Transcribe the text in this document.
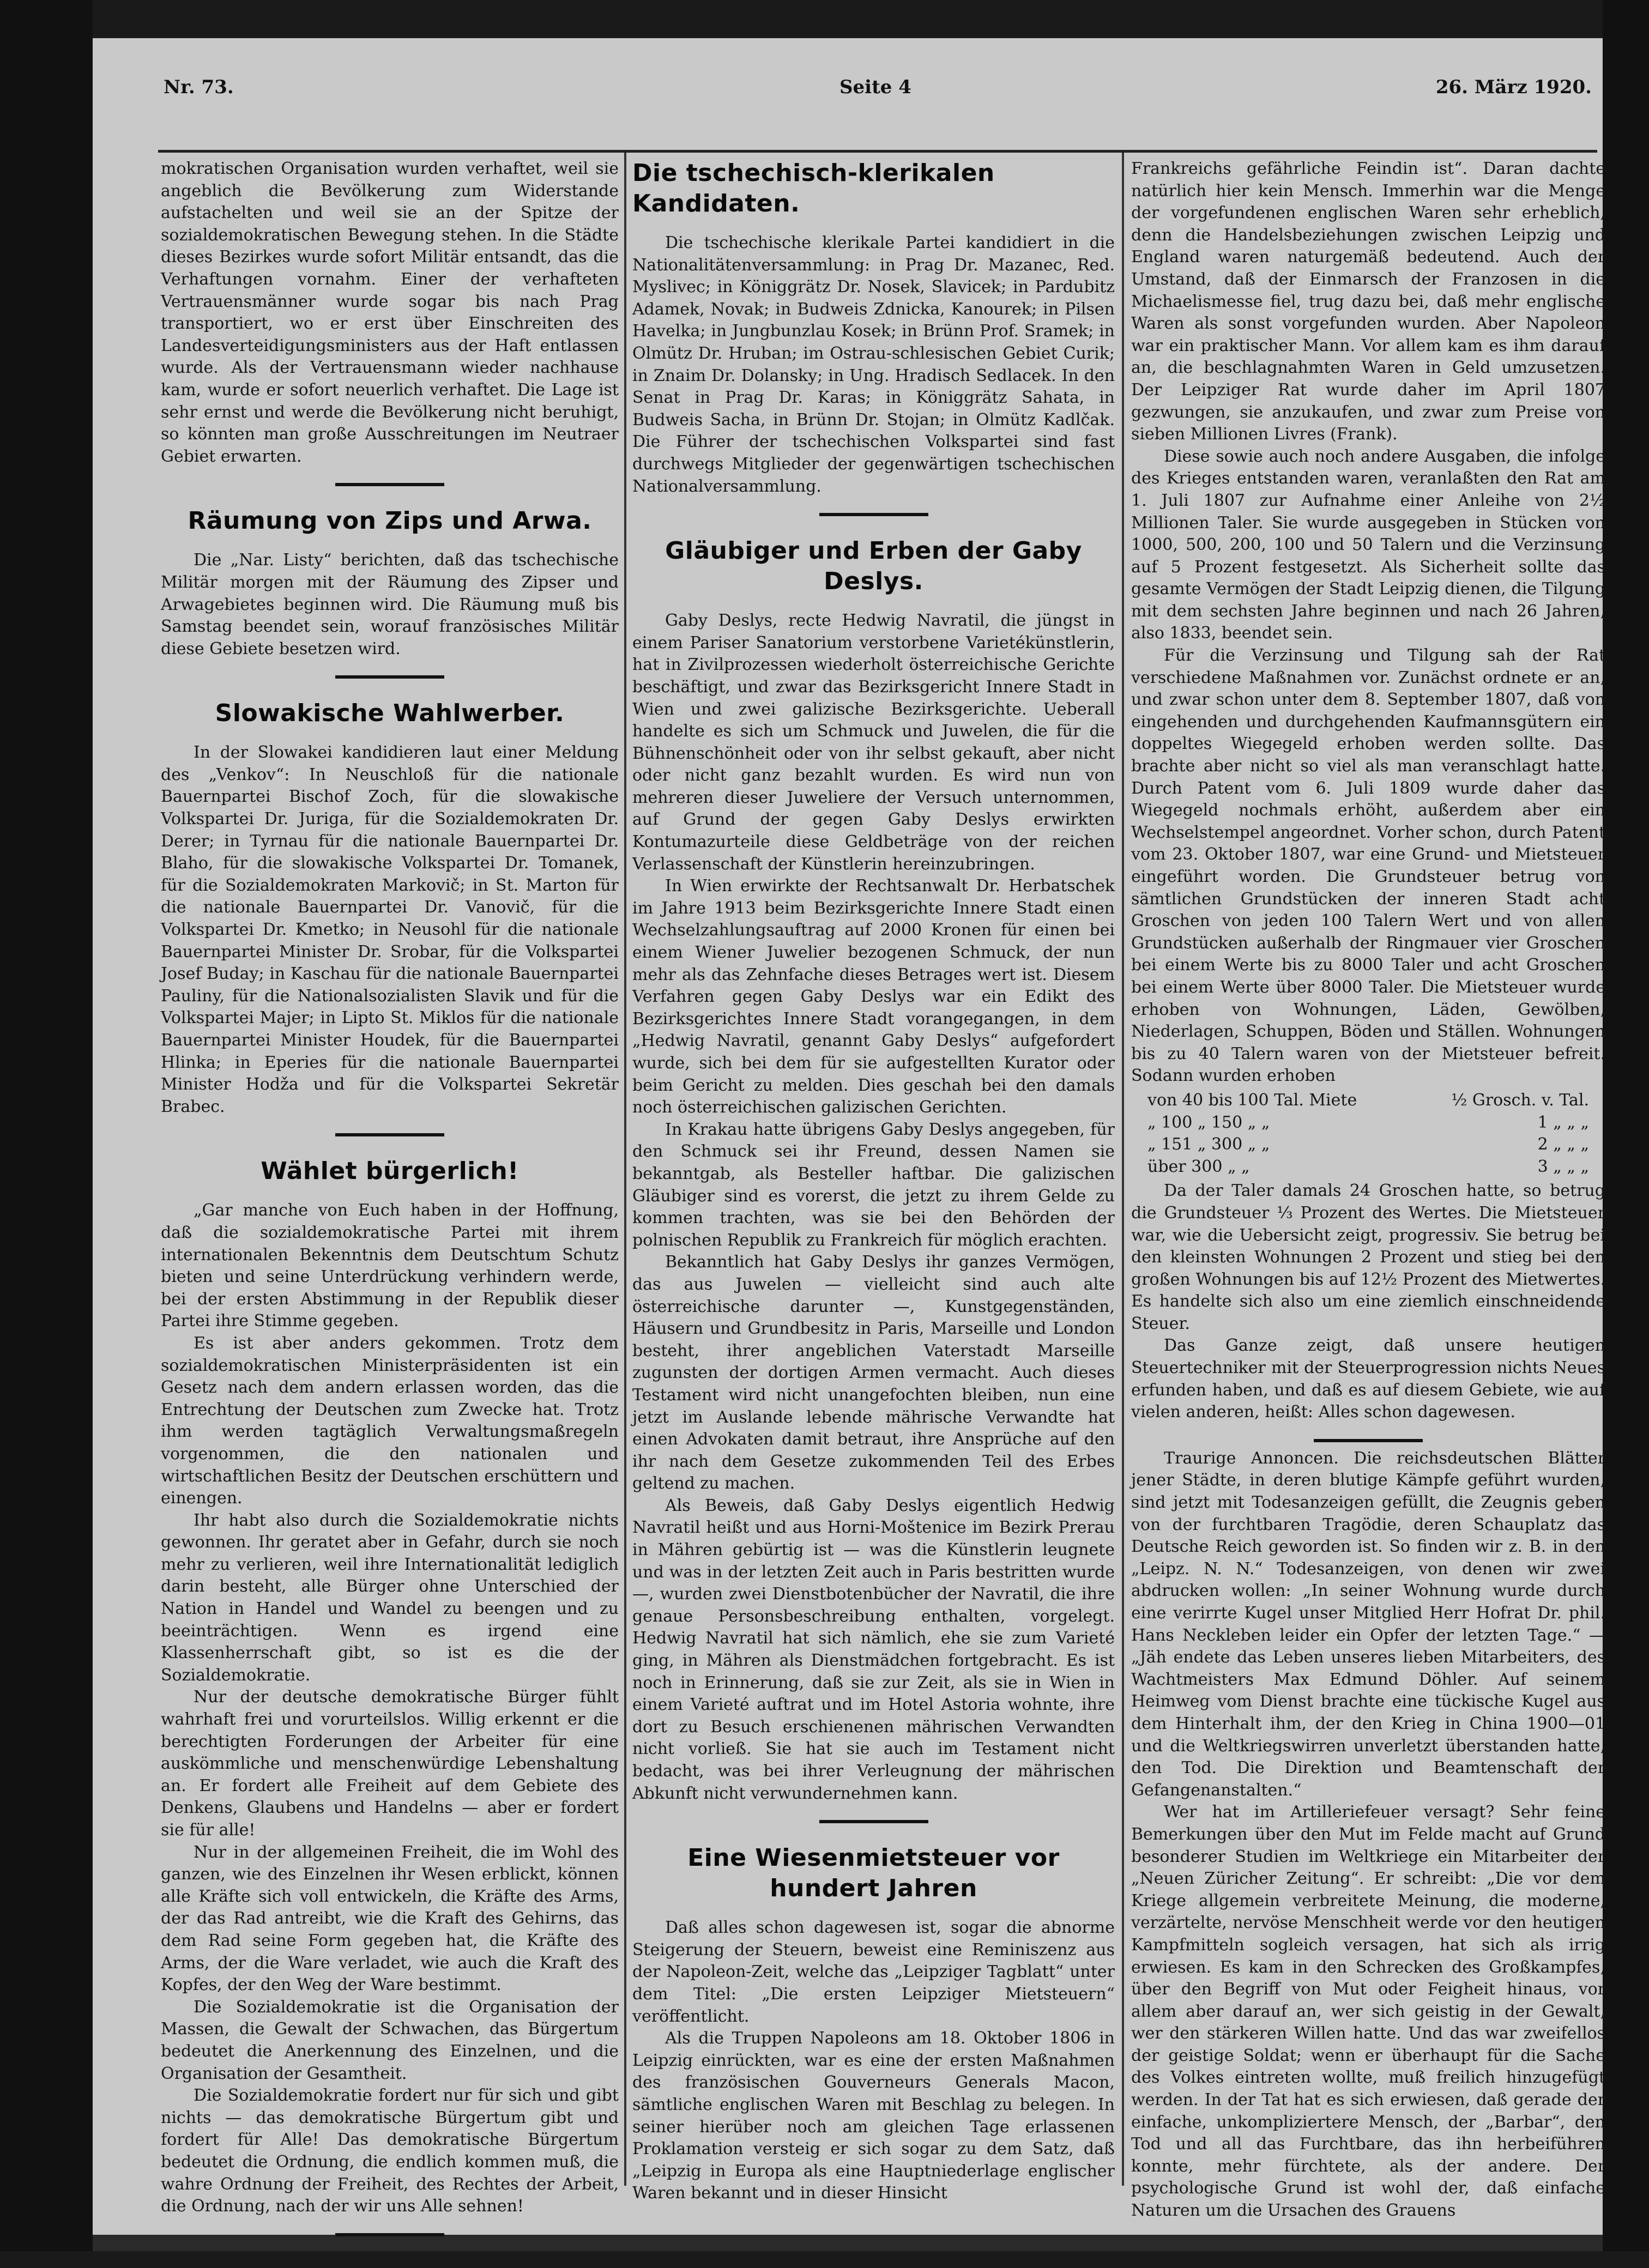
Nr. 73.	Seite 4	26. März 1920.

mokratischen Organisation wurden verhaftet, weil sie angeblich die Bevölkerung zum Widerstande aufstachelten und weil sie an der Spitze der sozialdemokratischen Bewegung stehen. In die Städte dieses Bezirkes wurde sofort Militär entsandt, das die Verhaftungen vornahm. Einer der verhafteten Vertrauensmänner wurde sogar bis nach Prag transportiert, wo er erst über Einschreiten des Landesverteidigungsministers aus der Haft entlassen wurde. Als der Vertrauensmann wieder nachhause kam, wurde er sofort neuerlich verhaftet. Die Lage ist sehr ernst und werde die Bevölkerung nicht beruhigt, so könnten man große Ausschreitungen im Neutraer Gebiet erwarten.

Räumung von Zips und Arwa.

Die „Nar. Listy“ berichten, daß das tschechische Militär morgen mit der Räumung des Zipser und Arwagebietes beginnen wird. Die Räumung muß bis Samstag beendet sein, worauf französisches Militär diese Gebiete besetzen wird.

Slowakische Wahlwerber.

In der Slowakei kandidieren laut einer Meldung des „Venkov“: In Neuschloß für die nationale Bauernpartei Bischof Zoch, für die slowakische Volkspartei Dr. Juriga, für die Sozialdemokraten Dr. Derer; in Tyrnau für die nationale Bauernpartei Dr. Blaho, für die slowakische Volkspartei Dr. Tomanek, für die Sozialdemokraten Markovič; in St. Marton für die nationale Bauernpartei Dr. Vanovič, für die Volkspartei Dr. Kmetko; in Neusohl für die nationale Bauernpartei Minister Dr. Srobar, für die Volkspartei Josef Buday; in Kaschau für die nationale Bauernpartei Pauliny, für die Nationalsozialisten Slavik und für die Volkspartei Majer; in Lipto St. Miklos für die nationale Bauernpartei Minister Houdek, für die Bauernpartei Hlinka; in Eperies für die nationale Bauernpartei Minister Hodža und für die Volkspartei Sekretär Brabec.

Wählet bürgerlich!

„Gar manche von Euch haben in der Hoffnung, daß die sozialdemokratische Partei mit ihrem internationalen Bekenntnis dem Deutschtum Schutz bieten und seine Unterdrückung verhindern werde, bei der ersten Abstimmung in der Republik dieser Partei ihre Stimme gegeben.

Es ist aber anders gekommen. Trotz dem sozialdemokratischen Ministerpräsidenten ist ein Gesetz nach dem andern erlassen worden, das die Entrechtung der Deutschen zum Zwecke hat. Trotz ihm werden tagtäglich Verwaltungsmaßregeln vorgenommen, die den nationalen und wirtschaftlichen Besitz der Deutschen erschüttern und einengen.

Ihr habt also durch die Sozialdemokratie nichts gewonnen. Ihr geratet aber in Gefahr, durch sie noch mehr zu verlieren, weil ihre Internationalität lediglich darin besteht, alle Bürger ohne Unterschied der Nation in Handel und Wandel zu beengen und zu beeinträchtigen. Wenn es irgend eine Klassenherrschaft gibt, so ist es die der Sozialdemokratie.

Nur der deutsche demokratische Bürger fühlt wahrhaft frei und vorurteilslos. Willig erkennt er die berechtigten Forderungen der Arbeiter für eine auskömmliche und menschenwürdige Lebenshaltung an. Er fordert alle Freiheit auf dem Gebiete des Denkens, Glaubens und Handelns — aber er fordert sie für alle!

Nur in der allgemeinen Freiheit, die im Wohl des ganzen, wie des Einzelnen ihr Wesen erblickt, können alle Kräfte sich voll entwickeln, die Kräfte des Arms, der das Rad antreibt, wie die Kraft des Gehirns, das dem Rad seine Form gegeben hat, die Kräfte des Arms, der die Ware verladet, wie auch die Kraft des Kopfes, der den Weg der Ware bestimmt.

Die Sozialdemokratie ist die Organisation der Massen, die Gewalt der Schwachen, das Bürgertum bedeutet die Anerkennung des Einzelnen, und die Organisation der Gesamtheit.

Die Sozialdemokratie fordert nur für sich und gibt nichts — das demokratische Bürgertum gibt und fordert für Alle! Das demokratische Bürgertum bedeutet die Ordnung, die endlich kommen muß, die wahre Ordnung der Freiheit, des Rechtes der Arbeit, die Ordnung, nach der wir uns Alle sehnen!

Die tschechisch-klerikalen Kandidaten.

Die tschechische klerikale Partei kandidiert in die Nationalitätenversammlung: in Prag Dr. Mazanec, Red. Myslivec; in Königgrätz Dr. Nosek, Slavicek; in Pardubitz Adamek, Novak; in Budweis Zdnicka, Kanourek; in Pilsen Havelka; in Jungbunzlau Kosek; in Brünn Prof. Sramek; in Olmütz Dr. Hruban; im Ostrau-schlesischen Gebiet Curik; in Znaim Dr. Dolansky; in Ung. Hradisch Sedlacek. In den Senat in Prag Dr. Karas; in Königgrätz Sahata, in Budweis Sacha, in Brünn Dr. Stojan; in Olmütz Kadlčak. Die Führer der tschechischen Volkspartei sind fast durchwegs Mitglieder der gegenwärtigen tschechischen Nationalversammlung.

Gläubiger und Erben der Gaby Deslys.

Gaby Deslys, recte Hedwig Navratil, die jüngst in einem Pariser Sanatorium verstorbene Varietékünstlerin, hat in Zivilprozessen wiederholt österreichische Gerichte beschäftigt, und zwar das Bezirksgericht Innere Stadt in Wien und zwei galizische Bezirksgerichte. Ueberall handelte es sich um Schmuck und Juwelen, die für die Bühnenschönheit oder von ihr selbst gekauft, aber nicht oder nicht ganz bezahlt wurden. Es wird nun von mehreren dieser Juweliere der Versuch unternommen, auf Grund der gegen Gaby Deslys erwirkten Kontumazurteile diese Geldbeträge von der reichen Verlassenschaft der Künstlerin hereinzubringen.

In Wien erwirkte der Rechtsanwalt Dr. Herbatschek im Jahre 1913 beim Bezirksgerichte Innere Stadt einen Wechselzahlungsauftrag auf 2000 Kronen für einen bei einem Wiener Juwelier bezogenen Schmuck, der nun mehr als das Zehnfache dieses Betrages wert ist. Diesem Verfahren gegen Gaby Deslys war ein Edikt des Bezirksgerichtes Innere Stadt vorangegangen, in dem „Hedwig Navratil, genannt Gaby Deslys“ aufgefordert wurde, sich bei dem für sie aufgestellten Kurator oder beim Gericht zu melden. Dies geschah bei den damals noch österreichischen galizischen Gerichten.

In Krakau hatte übrigens Gaby Deslys angegeben, für den Schmuck sei ihr Freund, dessen Namen sie bekanntgab, als Besteller haftbar. Die galizischen Gläubiger sind es vorerst, die jetzt zu ihrem Gelde zu kommen trachten, was sie bei den Behörden der polnischen Republik zu Frankreich für möglich erachten.

Bekanntlich hat Gaby Deslys ihr ganzes Vermögen, das aus Juwelen — vielleicht sind auch alte österreichische darunter —, Kunstgegenständen, Häusern und Grundbesitz in Paris, Marseille und London besteht, ihrer angeblichen Vaterstadt Marseille zugunsten der dortigen Armen vermacht. Auch dieses Testament wird nicht unangefochten bleiben, nun eine jetzt im Auslande lebende mährische Verwandte hat einen Advokaten damit betraut, ihre Ansprüche auf den ihr nach dem Gesetze zukommenden Teil des Erbes geltend zu machen.

Als Beweis, daß Gaby Deslys eigentlich Hedwig Navratil heißt und aus Horni-Moštenice im Bezirk Prerau in Mähren gebürtig ist — was die Künstlerin leugnete und was in der letzten Zeit auch in Paris bestritten wurde —, wurden zwei Dienstbotenbücher der Navratil, die ihre genaue Personsbeschreibung enthalten, vorgelegt. Hedwig Navratil hat sich nämlich, ehe sie zum Varieté ging, in Mähren als Dienstmädchen fortgebracht. Es ist noch in Erinnerung, daß sie zur Zeit, als sie in Wien in einem Varieté auftrat und im Hotel Astoria wohnte, ihre dort zu Besuch erschienenen mährischen Verwandten nicht vorließ. Sie hat sie auch im Testament nicht bedacht, was bei ihrer Verleugnung der mährischen Abkunft nicht verwundernehmen kann.

Eine Wiesenmietsteuer vor hundert Jahren

Daß alles schon dagewesen ist, sogar die abnorme Steigerung der Steuern, beweist eine Reminiszenz aus der Napoleon-Zeit, welche das „Leipziger Tagblatt“ unter dem Titel: „Die ersten Leipziger Mietsteuern“ veröffentlicht.

Als die Truppen Napoleons am 18. Oktober 1806 in Leipzig einrückten, war es eine der ersten Maßnahmen des französischen Gouverneurs Generals Macon, sämtliche englischen Waren mit Beschlag zu belegen. In seiner hierüber noch am gleichen Tage erlassenen Proklamation versteig er sich sogar zu dem Satz, daß „Leipzig in Europa als eine Hauptniederlage englischer Waren bekannt und in dieser Hinsicht

Frankreichs gefährliche Feindin ist“. Daran dachte natürlich hier kein Mensch. Immerhin war die Menge der vorgefundenen englischen Waren sehr erheblich, denn die Handelsbeziehungen zwischen Leipzig und England waren naturgemäß bedeutend. Auch der Umstand, daß der Einmarsch der Franzosen in die Michaelismesse fiel, trug dazu bei, daß mehr englische Waren als sonst vorgefunden wurden. Aber Napoleon war ein praktischer Mann. Vor allem kam es ihm darauf an, die beschlagnahmten Waren in Geld umzusetzen. Der Leipziger Rat wurde daher im April 1807 gezwungen, sie anzukaufen, und zwar zum Preise von sieben Millionen Livres (Frank).

Diese sowie auch noch andere Ausgaben, die infolge des Krieges entstanden waren, veranlaßten den Rat am 1. Juli 1807 zur Aufnahme einer Anleihe von 2½ Millionen Taler. Sie wurde ausgegeben in Stücken von 1000, 500, 200, 100 und 50 Talern und die Verzinsung auf 5 Prozent festgesetzt. Als Sicherheit sollte das gesamte Vermögen der Stadt Leipzig dienen, die Tilgung mit dem sechsten Jahre beginnen und nach 26 Jahren, also 1833, beendet sein.

Für die Verzinsung und Tilgung sah der Rat verschiedene Maßnahmen vor. Zunächst ordnete er an, und zwar schon unter dem 8. September 1807, daß von eingehenden und durchgehenden Kaufmannsgütern ein doppeltes Wiegegeld erhoben werden sollte. Das brachte aber nicht so viel als man veranschlagt hatte. Durch Patent vom 6. Juli 1809 wurde daher das Wiegegeld nochmals erhöht, außerdem aber ein Wechselstempel angeordnet. Vorher schon, durch Patent vom 23. Oktober 1807, war eine Grund- und Mietsteuer eingeführt worden. Die Grundsteuer betrug von sämtlichen Grundstücken der inneren Stadt acht Groschen von jeden 100 Talern Wert und von allen Grundstücken außerhalb der Ringmauer vier Groschen bei einem Werte bis zu 8000 Taler und acht Groschen bei einem Werte über 8000 Taler. Die Mietsteuer wurde erhoben von Wohnungen, Läden, Gewölben, Niederlagen, Schuppen, Böden und Ställen. Wohnungen bis zu 40 Talern waren von der Mietsteuer befreit. Sodann wurden erhoben

von 40 bis 100 Tal. Miete	½ Grosch. v. Tal.
„ 100 „ 150 „ „	1 „ „ „
„ 151 „ 300 „ „	2 „ „ „
über 300 „ „	3 „ „ „

Da der Taler damals 24 Groschen hatte, so betrug die Grundsteuer ⅓ Prozent des Wertes. Die Mietsteuer war, wie die Uebersicht zeigt, progressiv. Sie betrug bei den kleinsten Wohnungen 2 Prozent und stieg bei den großen Wohnungen bis auf 12½ Prozent des Mietwertes. Es handelte sich also um eine ziemlich einschneidende Steuer.

Das Ganze zeigt, daß unsere heutigen Steuertechniker mit der Steuerprogression nichts Neues erfunden haben, und daß es auf diesem Gebiete, wie auf vielen anderen, heißt: Alles schon dagewesen.

Traurige Annoncen. Die reichsdeutschen Blätter jener Städte, in deren blutige Kämpfe geführt wurden, sind jetzt mit Todesanzeigen gefüllt, die Zeugnis geben von der furchtbaren Tragödie, deren Schauplatz das Deutsche Reich geworden ist. So finden wir z. B. in den „Leipz. N. N.“ Todesanzeigen, von denen wir zwei abdrucken wollen: „In seiner Wohnung wurde durch eine verirrte Kugel unser Mitglied Herr Hofrat Dr. phil. Hans Neckleben leider ein Opfer der letzten Tage.“ — „Jäh endete das Leben unseres lieben Mitarbeiters, des Wachtmeisters Max Edmund Döhler. Auf seinem Heimweg vom Dienst brachte eine tückische Kugel aus dem Hinterhalt ihm, der den Krieg in China 1900—01 und die Weltkriegswirren unverletzt überstanden hatte, den Tod. Die Direktion und Beamtenschaft der Gefangenanstalten.“

Wer hat im Artilleriefeuer versagt? Sehr feine Bemerkungen über den Mut im Felde macht auf Grund besonderer Studien im Weltkriege ein Mitarbeiter der „Neuen Züricher Zeitung“. Er schreibt: „Die vor dem Kriege allgemein verbreitete Meinung, die moderne, verzärtelte, nervöse Menschheit werde vor den heutigen Kampfmitteln sogleich versagen, hat sich als irrig erwiesen. Es kam in den Schrecken des Großkampfes, über den Begriff von Mut oder Feigheit hinaus, vor allem aber darauf an, wer sich geistig in der Gewalt, wer den stärkeren Willen hatte. Und das war zweifellos der geistige Soldat; wenn er überhaupt für die Sache des Volkes eintreten wollte, muß freilich hinzugefügt werden. In der Tat hat es sich erwiesen, daß gerade der einfache, unkompliziertere Mensch, der „Barbar“, den Tod und all das Furchtbare, das ihn herbeiführen konnte, mehr fürchtete, als der andere. Der psychologische Grund ist wohl der, daß einfache Naturen um die Ursachen des Grauens
